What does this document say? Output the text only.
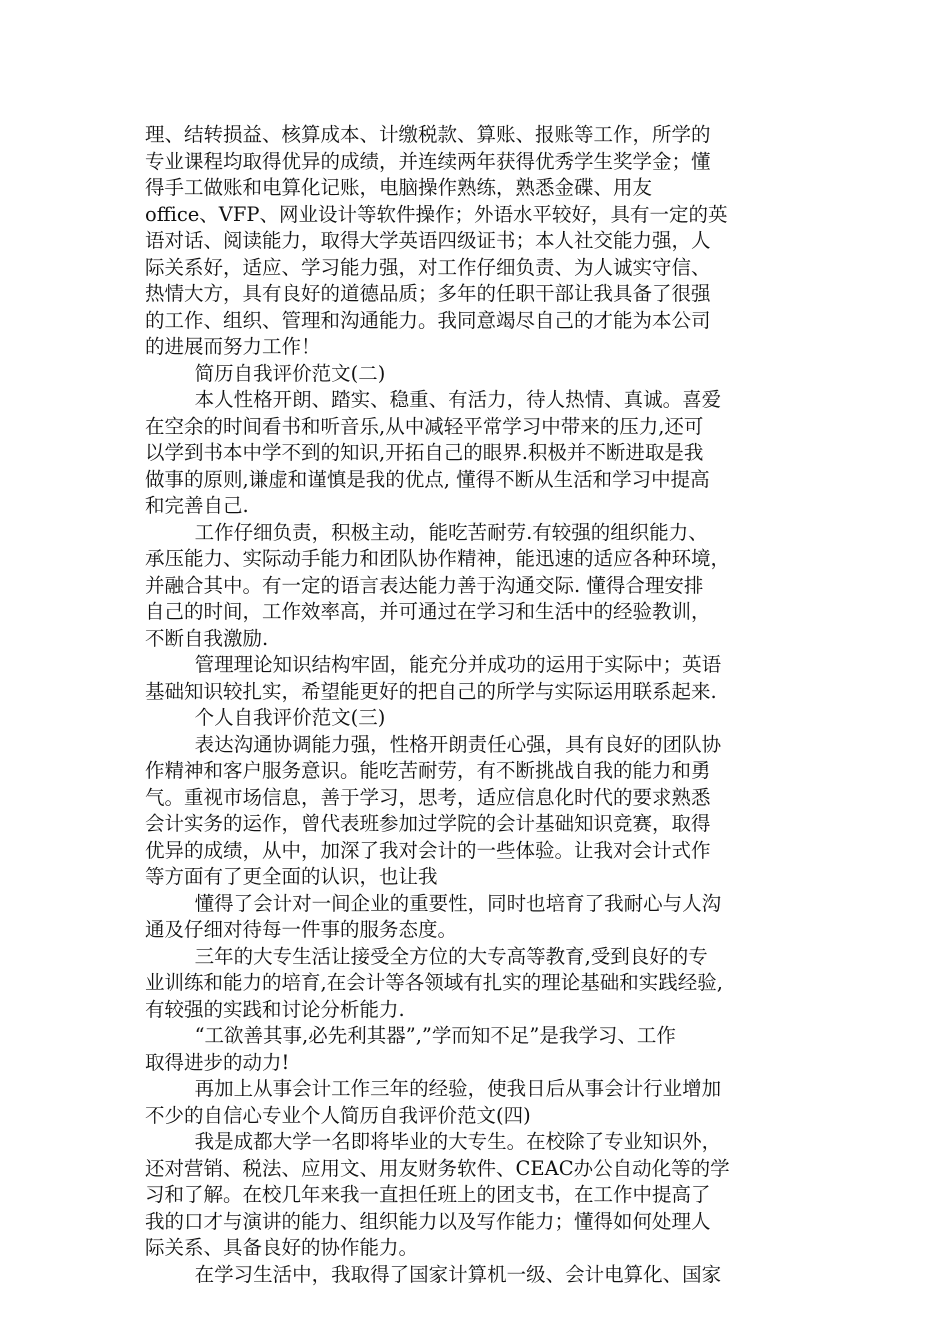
理、结转损益、核算成本、计缴税款、算账、报账等工作，所学的
专业课程均取得优异的成绩，并连续两年获得优秀学生奖学金；懂
得手工做账和电算化记账，电脑操作熟练，熟悉金碟、用友
office、VFP、网业设计等软件操作；外语水平较好，具有一定的英
语对话、阅读能力，取得大学英语四级证书；本人社交能力强，人
际关系好，适应、学习能力强，对工作仔细负责、为人诚实守信、
热情大方，具有良好的道德品质；多年的任职干部让我具备了很强
的工作、组织、管理和沟通能力。我同意竭尽自己的才能为本公司
的进展而努力工作！
简历自我评价范文(二)
本人性格开朗、踏实、稳重、有活力，待人热情、真诚。喜爱
在空余的时间看书和听音乐,从中减轻平常学习中带来的压力,还可
以学到书本中学不到的知识,开拓自己的眼界.积极并不断进取是我
做事的原则,谦虚和谨慎是我的优点, 懂得不断从生活和学习中提高
和完善自己.
工作仔细负责，积极主动，能吃苦耐劳.有较强的组织能力、
承压能力、实际动手能力和团队协作精神，能迅速的适应各种环境，
并融合其中。有一定的语言表达能力善于沟通交际. 懂得合理安排
自己的时间，工作效率高，并可通过在学习和生活中的经验教训，
不断自我激励.
管理理论知识结构牢固，能充分并成功的运用于实际中；英语
基础知识较扎实，希望能更好的把自己的所学与实际运用联系起来.
个人自我评价范文(三)
表达沟通协调能力强，性格开朗责任心强，具有良好的团队协
作精神和客户服务意识。能吃苦耐劳，有不断挑战自我的能力和勇
气。重视市场信息，善于学习，思考，适应信息化时代的要求熟悉
会计实务的运作，曾代表班参加过学院的会计基础知识竞赛，取得
优异的成绩，从中，加深了我对会计的一些体验。让我对会计式作
等方面有了更全面的认识，也让我
懂得了会计对一间企业的重要性，同时也培育了我耐心与人沟
通及仔细对待每一件事的服务态度。
三年的大专生活让接受全方位的大专高等教育,受到良好的专
业训练和能力的培育,在会计等各领域有扎实的理论基础和实践经验,
有较强的实践和讨论分析能力.
“工欲善其事,必先利其器”,”学而知不足”是我学习、工作
取得进步的动力!
再加上从事会计工作三年的经验，使我日后从事会计行业增加
不少的自信心专业个人简历自我评价范文(四)
我是成都大学一名即将毕业的大专生。在校除了专业知识外，
还对营销、税法、应用文、用友财务软件、CEAC办公自动化等的学
习和了解。在校几年来我一直担任班上的团支书，在工作中提高了
我的口才与演讲的能力、组织能力以及写作能力；懂得如何处理人
际关系、具备良好的协作能力。
在学习生活中，我取得了国家计算机一级、会计电算化、国家
